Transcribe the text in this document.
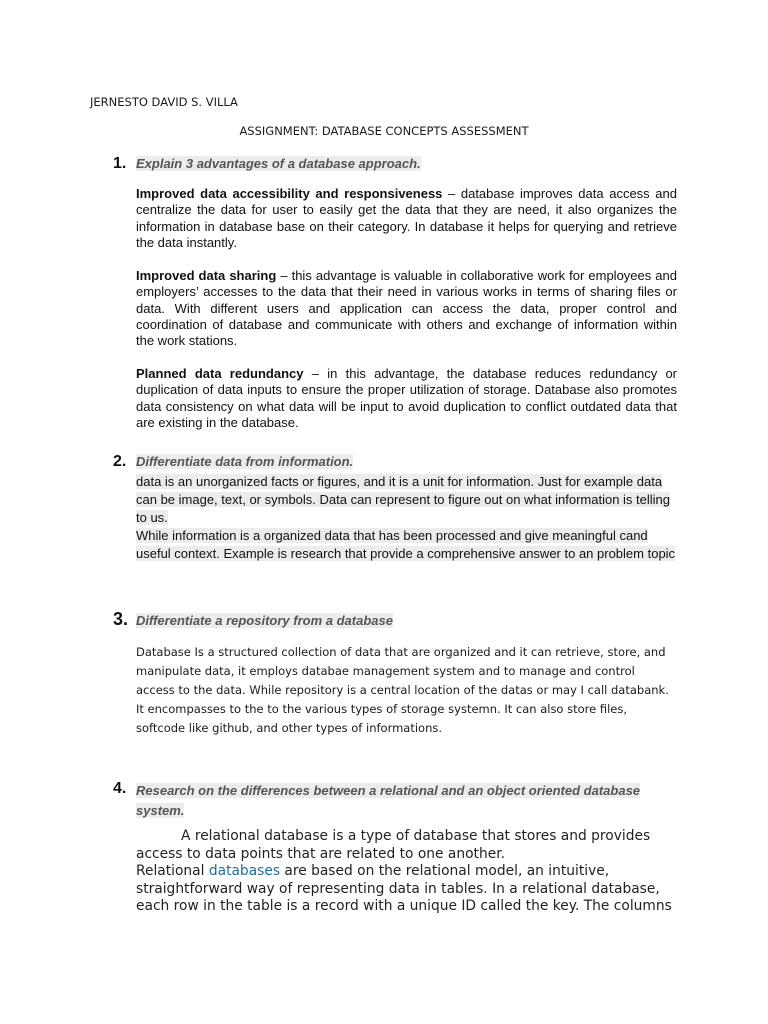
JERNESTO DAVID S. VILLA
ASSIGNMENT: DATABASE CONCEPTS ASSESSMENT
1. Explain 3 advantages of a database approach.
Improved data accessibility and responsiveness – database improves data access and centralize the data for user to easily get the data that they are need, it also organizes the information in database base on their category. In database it helps for querying and retrieve the data instantly.
Improved data sharing – this advantage is valuable in collaborative work for employees and employers’ accesses to the data that their need in various works in terms of sharing files or data. With different users and application can access the data, proper control and coordination of database and communicate with others and exchange of information within the work stations.
Planned data redundancy – in this advantage, the database reduces redundancy or duplication of data inputs to ensure the proper utilization of storage. Database also promotes data consistency on what data will be input to avoid duplication to conflict outdated data that are existing in the database.
2. Differentiate data from information.
data is an unorganized facts or figures, and it is a unit for information. Just for example data can be image, text, or symbols. Data can represent to figure out on what information is telling to us.
While information is a organized data that has been processed and give meaningful cand useful context. Example is research that provide a comprehensive answer to an problem topic
3. Differentiate a repository from a database
Database Is a structured collection of data that are organized and it can retrieve, store, and manipulate data, it employs databae management system and to manage and control access to the data. While repository is a central location of the datas or may I call databank. It encompasses to the to the various types of storage systemn. It can also store files, softcode like github, and other types of informations.
4. Research on the differences between a relational and an object oriented database system.
A relational database is a type of database that stores and provides access to data points that are related to one another.
Relational databases are based on the relational model, an intuitive, straightforward way of representing data in tables. In a relational database, each row in the table is a record with a unique ID called the key. The columns
